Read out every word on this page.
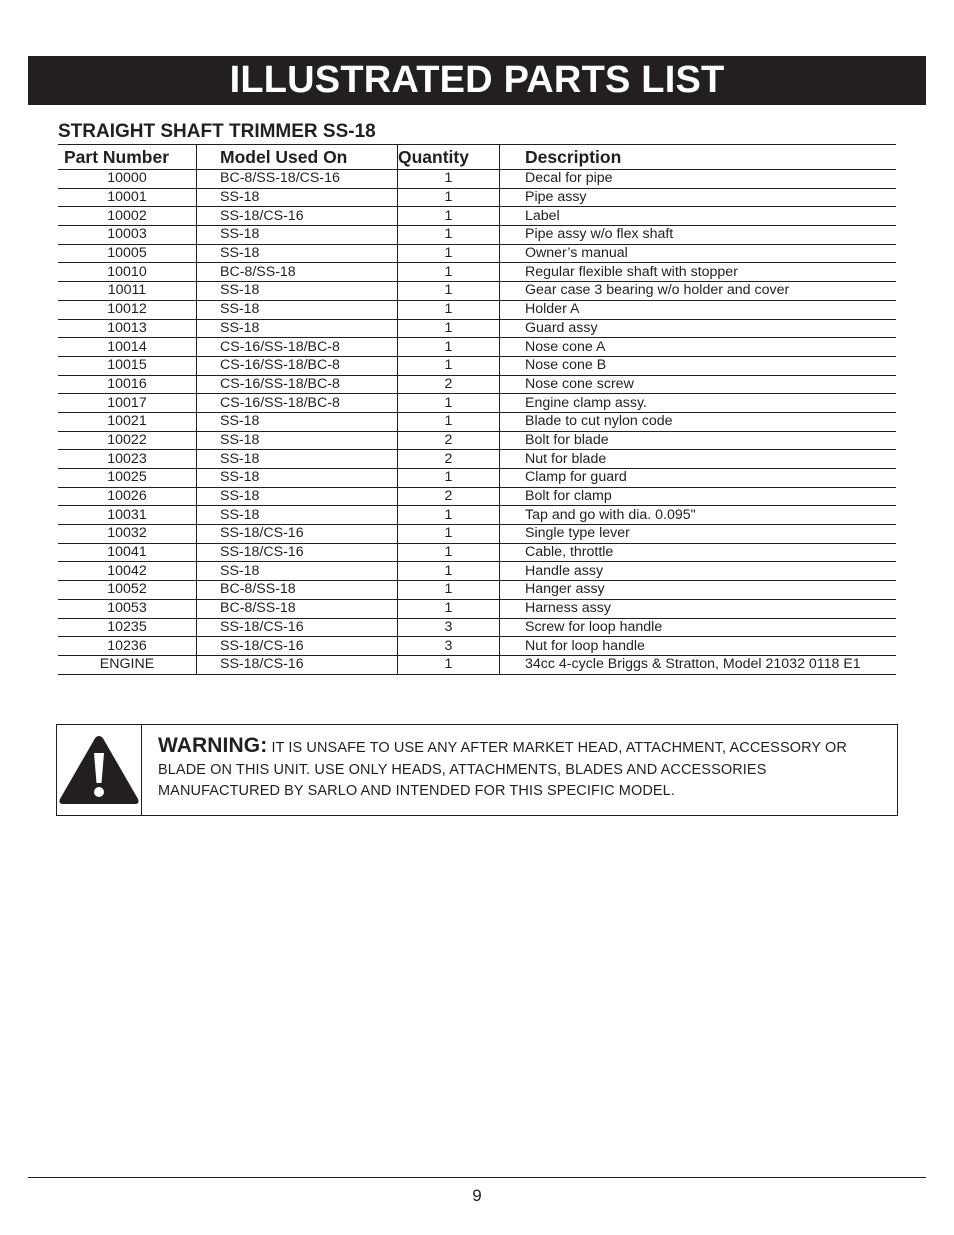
ILLUSTRATED PARTS LIST
STRAIGHT SHAFT TRIMMER SS-18
Part Number	Model Used On	Quantity	Description
10000	BC-8/SS-18/CS-16	1	Decal for pipe
10001	SS-18	1	Pipe assy
10002	SS-18/CS-16	1	Label
10003	SS-18	1	Pipe assy w/o flex shaft
10005	SS-18	1	Owner’s manual
10010	BC-8/SS-18	1	Regular flexible shaft with stopper
10011	SS-18	1	Gear case 3 bearing w/o holder and cover
10012	SS-18	1	Holder A
10013	SS-18	1	Guard assy
10014	CS-16/SS-18/BC-8	1	Nose cone A
10015	CS-16/SS-18/BC-8	1	Nose cone B
10016	CS-16/SS-18/BC-8	2	Nose cone screw
10017	CS-16/SS-18/BC-8	1	Engine clamp assy.
10021	SS-18	1	Blade to cut nylon code
10022	SS-18	2	Bolt for blade
10023	SS-18	2	Nut for blade
10025	SS-18	1	Clamp for guard
10026	SS-18	2	Bolt for clamp
10031	SS-18	1	Tap and go with dia. 0.095"
10032	SS-18/CS-16	1	Single type lever
10041	SS-18/CS-16	1	Cable, throttle
10042	SS-18	1	Handle assy
10052	BC-8/SS-18	1	Hanger assy
10053	BC-8/SS-18	1	Harness assy
10235	SS-18/CS-16	3	Screw for loop handle
10236	SS-18/CS-16	3	Nut for loop handle
ENGINE	SS-18/CS-16	1	34cc 4-cycle Briggs & Stratton, Model 21032 0118 E1
WARNING: IT IS UNSAFE TO USE ANY AFTER MARKET HEAD, ATTACHMENT, ACCESSORY OR BLADE ON THIS UNIT. USE ONLY HEADS, ATTACHMENTS, BLADES AND ACCESSORIES MANUFACTURED BY SARLO AND INTENDED FOR THIS SPECIFIC MODEL.
9
